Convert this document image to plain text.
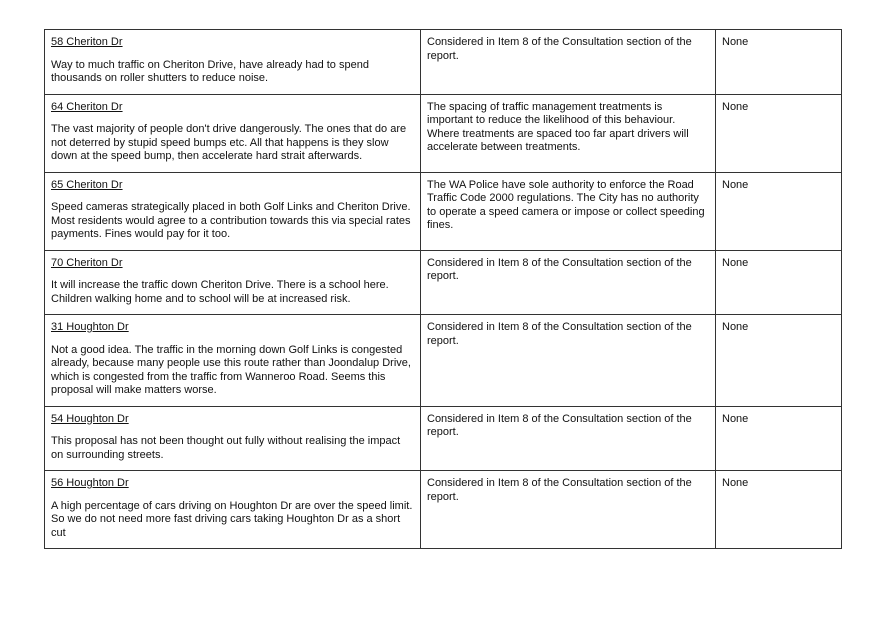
58 Cheriton Dr
Way to much traffic on Cheriton Drive, have already had to spend thousands on roller shutters to reduce noise.	Considered in Item 8 of the Consultation section of the report.	None

64 Cheriton Dr
The vast majority of people don't drive dangerously. The ones that do are not deterred by stupid speed bumps etc. All that happens is they slow down at the speed bump, then accelerate hard strait afterwards.	The spacing of traffic management treatments is important to reduce the likelihood of this behaviour. Where treatments are spaced too far apart drivers will accelerate between treatments.	None

65 Cheriton Dr
Speed cameras strategically placed in both Golf Links and Cheriton Drive. Most residents would agree to a contribution towards this via special rates payments. Fines would pay for it too.	The WA Police have sole authority to enforce the Road Traffic Code 2000 regulations. The City has no authority to operate a speed camera or impose or collect speeding fines.	None

70 Cheriton Dr
It will increase the traffic down Cheriton Drive. There is a school here. Children walking home and to school will be at increased risk.	Considered in Item 8 of the Consultation section of the report.	None

31 Houghton Dr
Not a good idea. The traffic in the morning down Golf Links is congested already, because many people use this route rather than Joondalup Drive, which is congested from the traffic from Wanneroo Road. Seems this proposal will make matters worse.	Considered in Item 8 of the Consultation section of the report.	None

54 Houghton Dr
This proposal has not been thought out fully without realising the impact on surrounding streets.	Considered in Item 8 of the Consultation section of the report.	None

56 Houghton Dr
A high percentage of cars driving on Houghton Dr are over the speed limit. So we do not need more fast driving cars taking Houghton Dr as a short cut	Considered in Item 8 of the Consultation section of the report.	None
